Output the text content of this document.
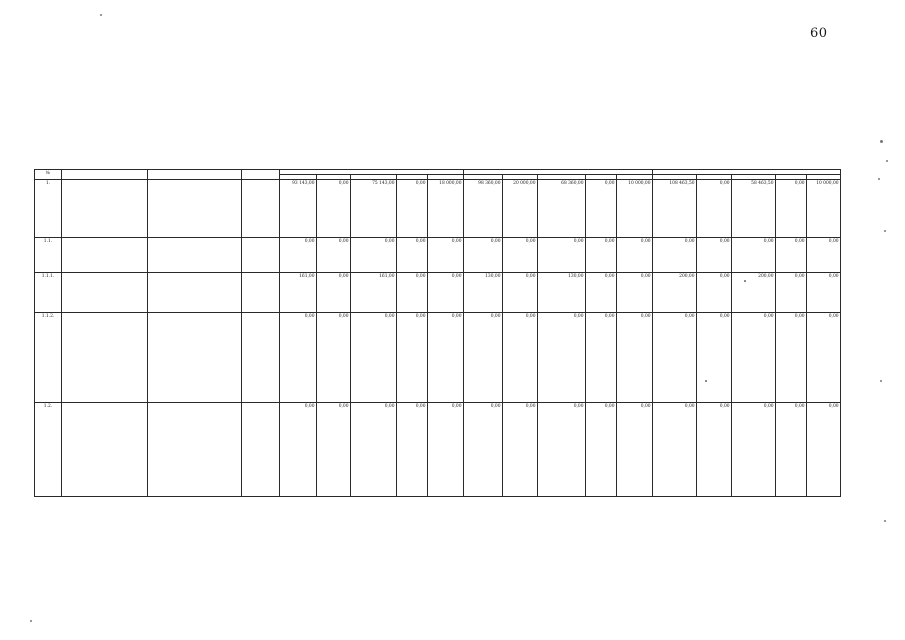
60
№																		

1.				93 143,00	0,00	75 143,00	0,00	18 000,00	98 360,00	20 000,00	68 360,00	0,00	10 000,00	108 463,50	0,00	58 463,50	0,00	10 000,00
1.1.				0,00	0,00	0,00	0,00	0,00	0,00	0,00	0,00	0,00	0,00	0,00	0,00	0,00	0,00	0,00
1.1.1.				161,00	0,00	161,00	0,00	0,00	130,00	0,00	130,00	0,00	0,00	200,00	0,00	200,00	0,00	0,00
1.1.2.				0,00	0,00	0,00	0,00	0,00	0,00	0,00	0,00	0,00	0,00	0,00	0,00	0,00	0,00	0,00
1.2.				0,00	0,00	0,00	0,00	0,00	0,00	0,00	0,00	0,00	0,00	0,00	0,00	0,00	0,00	0,00
